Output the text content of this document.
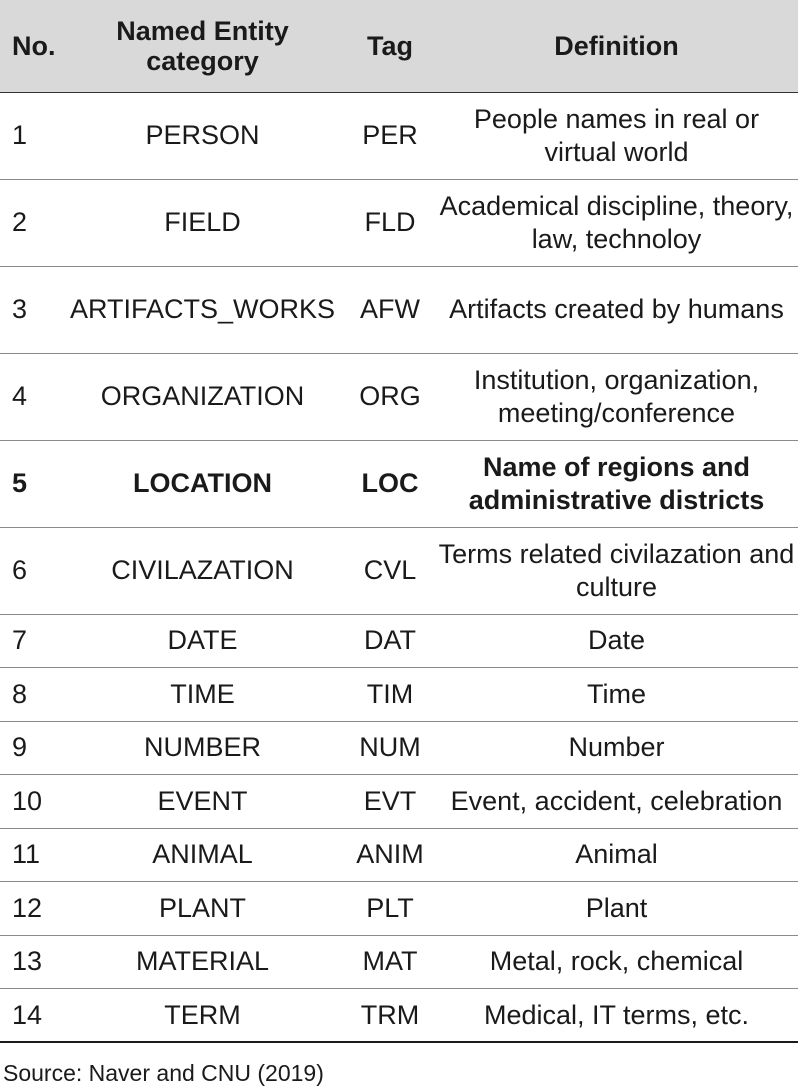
No.	Named Entity category	Tag	Definition
1	PERSON	PER	People names in real or virtual world
2	FIELD	FLD	Academical discipline, theory, law, technoloy
3	ARTIFACTS_WORKS	AFW	Artifacts created by humans
4	ORGANIZATION	ORG	Institution, organization, meeting/conference
5	LOCATION	LOC	Name of regions and administrative districts
6	CIVILAZATION	CVL	Terms related civilazation and culture
7	DATE	DAT	Date
8	TIME	TIM	Time
9	NUMBER	NUM	Number
10	EVENT	EVT	Event, accident, celebration
11	ANIMAL	ANIM	Animal
12	PLANT	PLT	Plant
13	MATERIAL	MAT	Metal, rock, chemical
14	TERM	TRM	Medical, IT terms, etc.
Source: Naver and CNU (2019)
